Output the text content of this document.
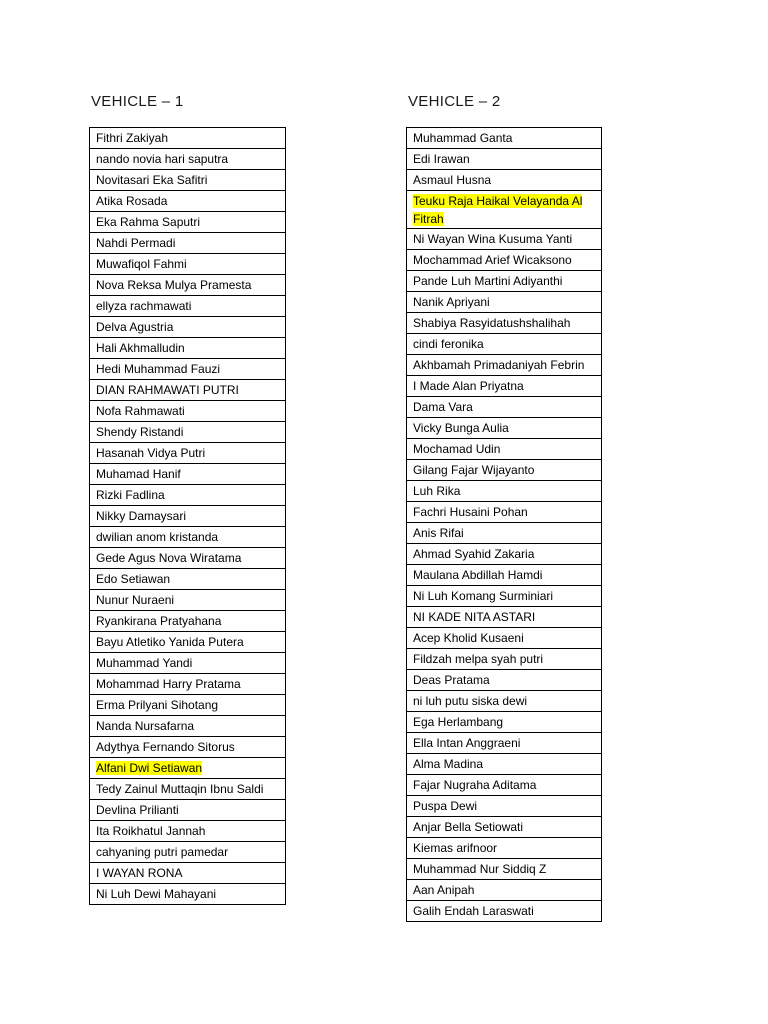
VEHICLE – 1	VEHICLE – 2
Fithri Zakiyah
nando novia hari saputra
Novitasari Eka Safitri
Atika Rosada
Eka Rahma Saputri
Nahdi Permadi
Muwafiqol Fahmi
Nova Reksa Mulya Pramesta
ellyza rachmawati
Delva Agustria
Hali Akhmalludin
Hedi Muhammad Fauzi
DIAN RAHMAWATI PUTRI
Nofa Rahmawati
Shendy Ristandi
Hasanah Vidya Putri
Muhamad Hanif
Rizki Fadlina
Nikky Damaysari
dwilian anom kristanda
Gede Agus Nova Wiratama
Edo Setiawan
Nunur Nuraeni
Ryankirana Pratyahana
Bayu Atletiko Yanida Putera
Muhammad Yandi
Mohammad Harry Pratama
Erma Prilyani Sihotang
Nanda Nursafarna
Adythya Fernando Sitorus
Alfani Dwi Setiawan
Tedy Zainul Muttaqin Ibnu Saldi
Devlina Prilianti
Ita Roikhatul Jannah
cahyaning putri pamedar
I WAYAN RONA
Ni Luh Dewi Mahayani
Muhammad Ganta
Edi Irawan
Asmaul Husna
Teuku Raja Haikal Velayanda Al Fitrah
Ni Wayan Wina Kusuma Yanti
Mochammad Arief Wicaksono
Pande Luh Martini Adiyanthi
Nanik Apriyani
Shabiya Rasyidatushshalihah
cindi feronika
Akhbamah Primadaniyah Febrin
I Made Alan Priyatna
Dama Vara
Vicky Bunga Aulia
Mochamad Udin
Gilang Fajar Wijayanto
Luh Rika
Fachri Husaini Pohan
Anis Rifai
Ahmad Syahid Zakaria
Maulana Abdillah Hamdi
Ni Luh Komang Surminiari
NI KADE NITA ASTARI
Acep Kholid Kusaeni
Fildzah melpa syah putri
Deas Pratama
ni luh putu siska dewi
Ega Herlambang
Ella Intan Anggraeni
Alma Madina
Fajar Nugraha Aditama
Puspa Dewi
Anjar Bella Setiowati
Kiemas arifnoor
Muhammad Nur Siddiq Z
Aan Anipah
Galih Endah Laraswati
